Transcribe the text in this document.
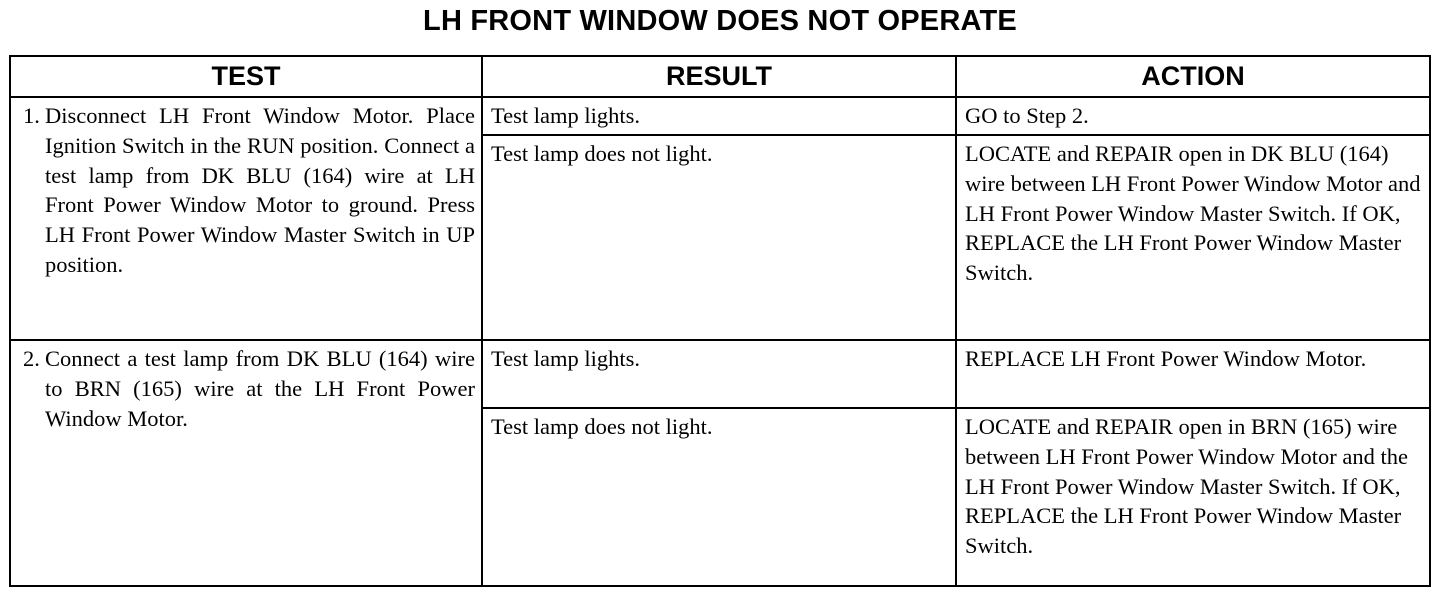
LH FRONT WINDOW DOES NOT OPERATE
TEST	RESULT	ACTION

1. Disconnect LH Front Window Motor. Place Ignition Switch in the RUN position. Connect a test lamp from DK BLU (164) wire at LH Front Power Window Motor to ground. Press LH Front Power Window Master Switch in UP position.	Test lamp lights.	GO to Step 2.
	Test lamp does not light.	LOCATE and REPAIR open in DK BLU (164) wire between LH Front Power Window Motor and LH Front Power Window Master Switch. If OK, REPLACE the LH Front Power Window Master Switch.

2. Connect a test lamp from DK BLU (164) wire to BRN (165) wire at the LH Front Power Window Motor.	Test lamp lights.	REPLACE LH Front Power Window Motor.
	Test lamp does not light.	LOCATE and REPAIR open in BRN (165) wire between LH Front Power Window Motor and the LH Front Power Window Master Switch. If OK, REPLACE the LH Front Power Window Master Switch.
